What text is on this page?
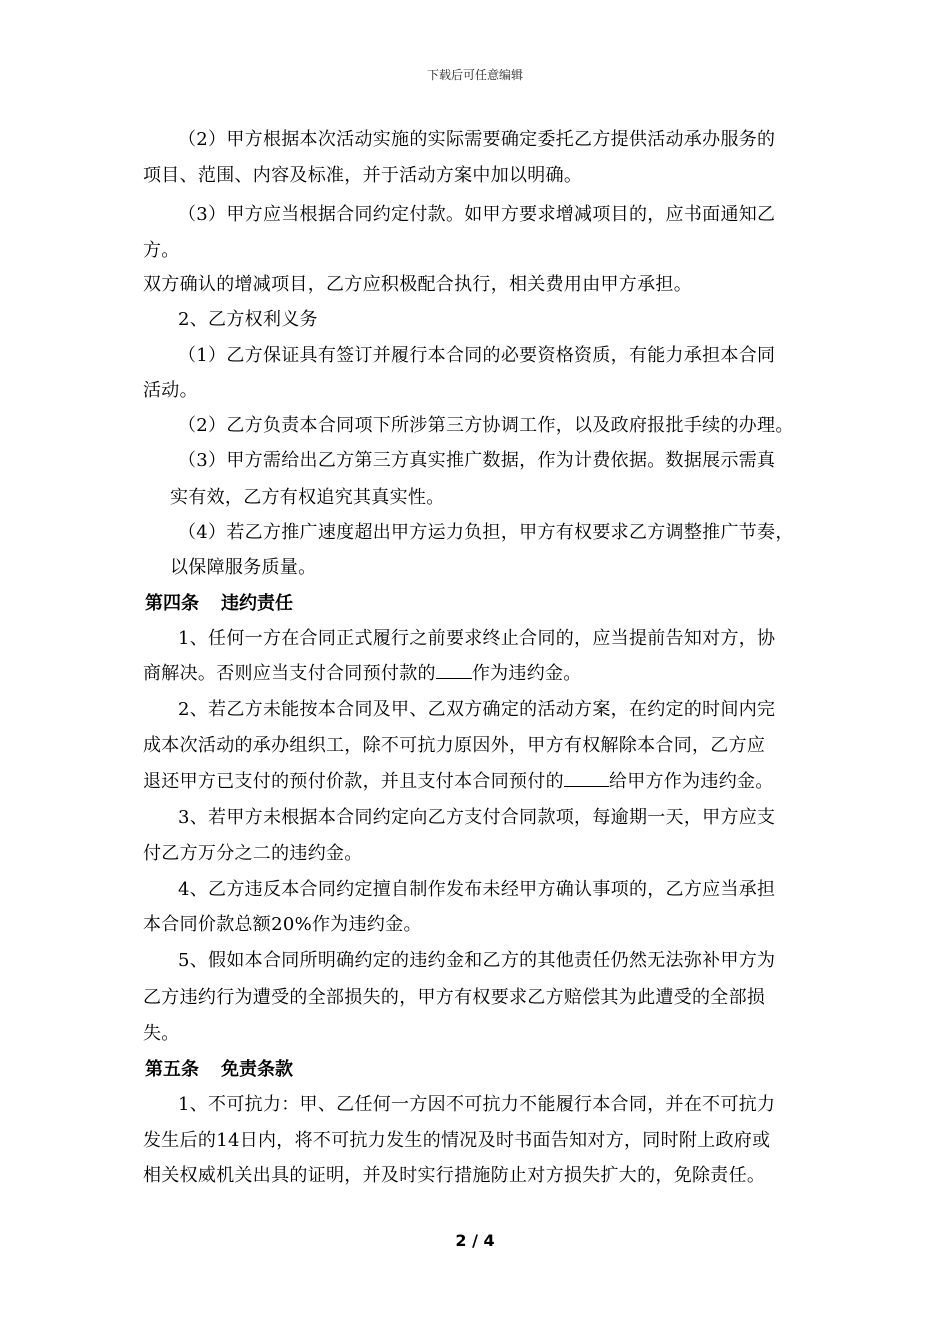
下载后可任意编辑
（2）甲方根据本次活动实施的实际需要确定委托乙方提供活动承办服务的
项目、范围、内容及标准，并于活动方案中加以明确。
（3）甲方应当根据合同约定付款。如甲方要求增减项目的，应书面通知乙
方。
双方确认的增减项目，乙方应积极配合执行，相关费用由甲方承担。
2、乙方权利义务
（1）乙方保证具有签订并履行本合同的必要资格资质，有能力承担本合同
活动。
（2）乙方负责本合同项下所涉第三方协调工作，以及政府报批手续的办理。
（3）甲方需给出乙方第三方真实推广数据，作为计费依据。数据展示需真
实有效，乙方有权追究其真实性。
（4）若乙方推广速度超出甲方运力负担，甲方有权要求乙方调整推广节奏，
以保障服务质量。
第四条 违约责任
1、任何一方在合同正式履行之前要求终止合同的，应当提前告知对方，协
商解决。否则应当支付合同预付款的 作为违约金。
2、若乙方未能按本合同及甲、乙双方确定的活动方案，在约定的时间内完
成本次活动的承办组织工，除不可抗力原因外，甲方有权解除本合同，乙方应
退还甲方已支付的预付价款，并且支付本合同预付的	给甲方作为违约金。
3、若甲方未根据本合同约定向乙方支付合同款项，每逾期一天，甲方应支
付乙方万分之二的违约金。
4、乙方违反本合同约定擅自制作发布未经甲方确认事项的，乙方应当承担
本合同价款总额20%作为违约金。
5、假如本合同所明确约定的违约金和乙方的其他责任仍然无法弥补甲方为
乙方违约行为遭受的全部损失的，甲方有权要求乙方赔偿其为此遭受的全部损
失。
第五条 免责条款
1、不可抗力：甲、乙任何一方因不可抗力不能履行本合同，并在不可抗力
发生后的14日内，将不可抗力发生的情况及时书面告知对方，同时附上政府或
相关权威机关出具的证明，并及时实行措施防止对方损失扩大的，免除责任。
2 / 4
